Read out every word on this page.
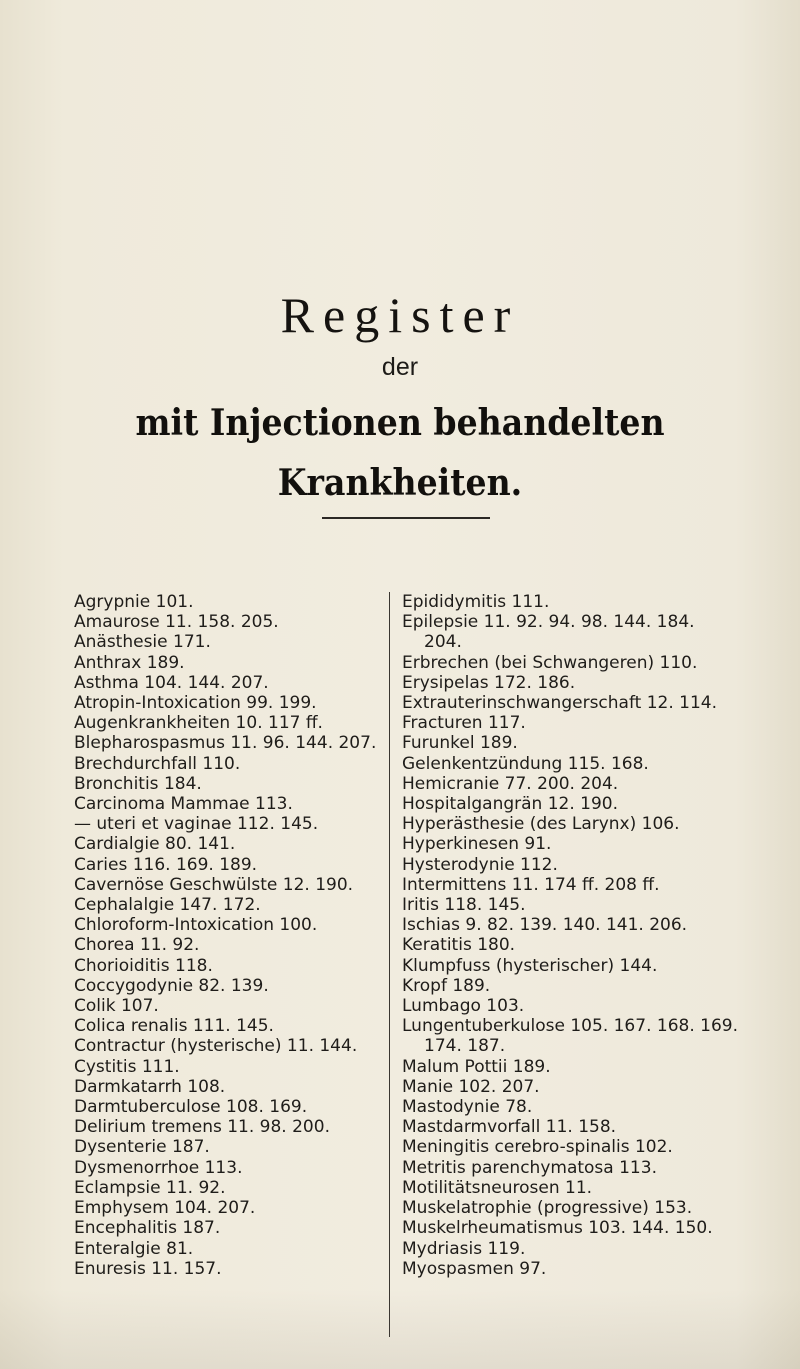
Register
der
mit Injectionen behandelten Krankheiten.
Agrypnie 101.
Amaurose 11. 158. 205.
Anästhesie 171.
Anthrax 189.
Asthma 104. 144. 207.
Atropin-Intoxication 99. 199.
Augenkrankheiten 10. 117 ff.
Blepharospasmus 11. 96. 144. 207.
Brechdurchfall 110.
Bronchitis 184.
Carcinoma Mammae 113.
— uteri et vaginae 112. 145.
Cardialgie 80. 141.
Caries 116. 169. 189.
Cavernöse Geschwülste 12. 190.
Cephalalgie 147. 172.
Chloroform-Intoxication 100.
Chorea 11. 92.
Chorioiditis 118.
Coccygodynie 82. 139.
Colik 107.
Colica renalis 111. 145.
Contractur (hysterische) 11. 144.
Cystitis 111.
Darmkatarrh 108.
Darmtuberculose 108. 169.
Delirium tremens 11. 98. 200.
Dysenterie 187.
Dysmenorrhoe 113.
Eclampsie 11. 92.
Emphysem 104. 207.
Encephalitis 187.
Enteralgie 81.
Enuresis 11. 157.
Epididymitis 111.
Epilepsie 11. 92. 94. 98. 144. 184.
204.
Erbrechen (bei Schwangeren) 110.
Erysipelas 172. 186.
Extrauterinschwangerschaft 12. 114.
Fracturen 117.
Furunkel 189.
Gelenkentzündung 115. 168.
Hemicranie 77. 200. 204.
Hospitalgangrän 12. 190.
Hyperästhesie (des Larynx) 106.
Hyperkinesen 91.
Hysterodynie 112.
Intermittens 11. 174 ff. 208 ff.
Iritis 118. 145.
Ischias 9. 82. 139. 140. 141. 206.
Keratitis 180.
Klumpfuss (hysterischer) 144.
Kropf 189.
Lumbago 103.
Lungentuberkulose 105. 167. 168. 169.
174. 187.
Malum Pottii 189.
Manie 102. 207.
Mastodynie 78.
Mastdarmvorfall 11. 158.
Meningitis cerebro-spinalis 102.
Metritis parenchymatosa 113.
Motilitätsneurosen 11.
Muskelatrophie (progressive) 153.
Muskelrheumatismus 103. 144. 150.
Mydriasis 119.
Myospasmen 97.
